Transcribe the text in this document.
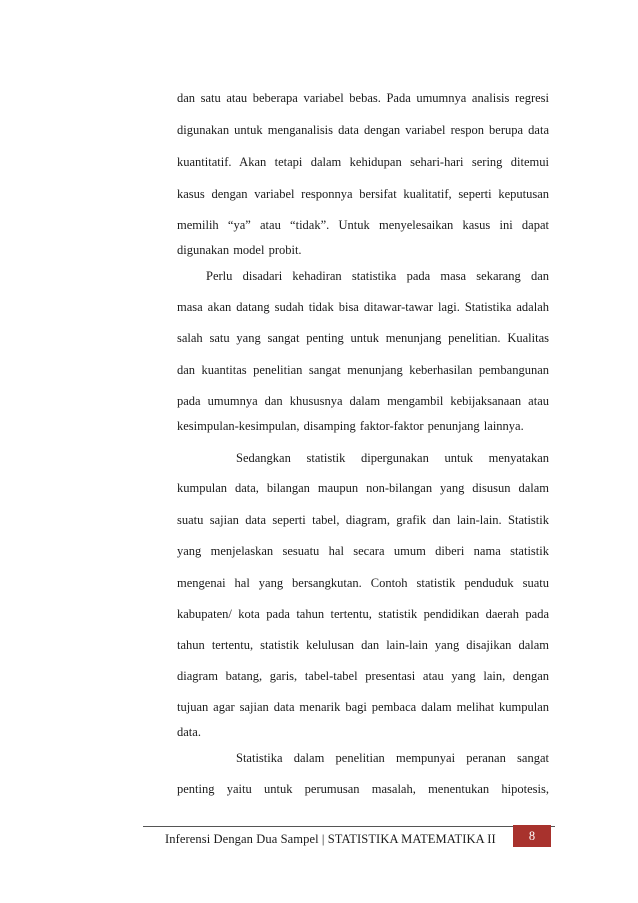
dan satu atau beberapa variabel bebas. Pada umumnya analisis regresi
digunakan untuk menganalisis data dengan variabel respon berupa data
kuantitatif. Akan tetapi dalam kehidupan sehari-hari sering ditemui
kasus dengan variabel responnya bersifat kualitatif, seperti keputusan
memilih “ya” atau “tidak”. Untuk menyelesaikan kasus ini dapat
digunakan model probit.
Perlu disadari kehadiran statistika pada masa sekarang dan
masa akan datang sudah tidak bisa ditawar-tawar lagi. Statistika adalah
salah satu yang sangat penting untuk menunjang penelitian. Kualitas
dan kuantitas penelitian sangat menunjang keberhasilan pembangunan
pada umumnya dan khususnya dalam mengambil kebijaksanaan atau
kesimpulan-kesimpulan, disamping faktor-faktor penunjang lainnya.
Sedangkan statistik dipergunakan untuk menyatakan
kumpulan data, bilangan maupun non-bilangan yang disusun dalam
suatu sajian data seperti tabel, diagram, grafik dan lain-lain. Statistik
yang menjelaskan sesuatu hal secara umum diberi nama statistik
mengenai hal yang bersangkutan. Contoh statistik penduduk suatu
kabupaten/ kota pada tahun tertentu, statistik pendidikan daerah pada
tahun tertentu, statistik kelulusan dan lain-lain yang disajikan dalam
diagram batang, garis, tabel-tabel presentasi atau yang lain, dengan
tujuan agar sajian data menarik bagi pembaca dalam melihat kumpulan
data.
Statistika dalam penelitian mempunyai peranan sangat
penting yaitu untuk perumusan masalah, menentukan hipotesis,
Inferensi Dengan Dua Sampel | STATISTIKA MATEMATIKA II	8
